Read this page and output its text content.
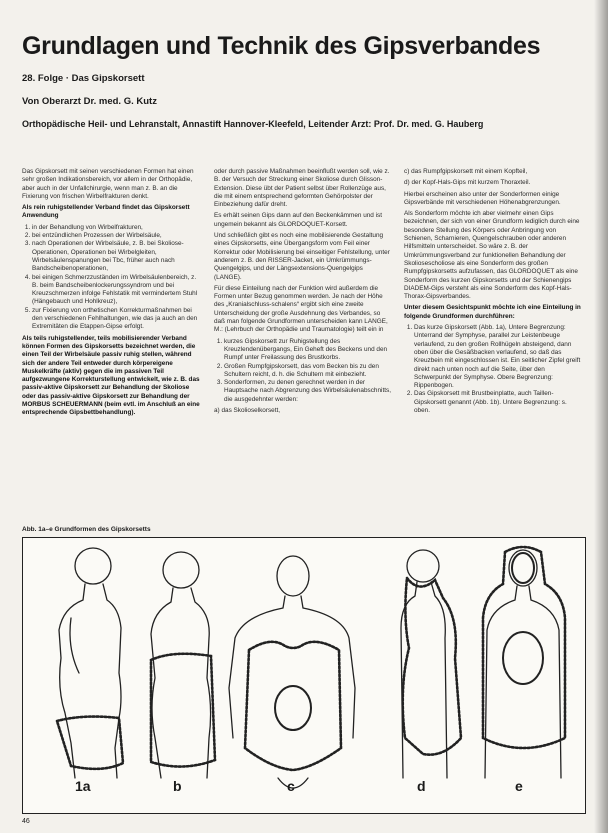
Grundlagen und Technik des Gipsverbandes

28. Folge · Das Gipskorsett

Von Oberarzt Dr. med. G. Kutz

Orthopädische Heil- und Lehranstalt, Annastift Hannover-Kleefeld, Leitender Arzt: Prof. Dr. med. G. Hauberg

Das Gipskorsett mit seinen verschiedenen Formen hat einen sehr großen Indikationsbereich, vor allem in der Orthopädie, aber auch in der Unfallchirurgie, wenn man z. B. an die Fixierung von frischen Wirbelfrakturen denkt.

Als rein ruhigstellender Verband findet das Gipskorsett Anwendung

1. in der Behandlung von Wirbelfrakturen,
2. bei entzündlichen Prozessen der Wirbelsäule,
3. nach Operationen der Wirbelsäule, z. B. bei Skoliose-Operationen, Operationen bei Wirbelgleiten, Wirbelsäulenspanungen bei Tbc, früher auch nach Bandscheibenoperationen,
4. bei einigen Schmerzzuständen im Wirbelsäulenbereich, z. B. beim Bandscheibenlockerungssyndrom und bei Kreuzschmerzen infolge Fehlstatik mit vermindertem Stuhl (Hängebauch und Hohlkreuz),
5. zur Fixierung von orthetischen Korrekturmaßnahmen bei den verschiedenen Fehlhaltungen, wie das ja auch an den Extremitäten die Etappen-Gipse erfolgt.

Als teils ruhigstellender, teils mobilisierender Verband können Formen des Gipskorsetts bezeichnet werden, die einen Teil der Wirbelsäule passiv ruhig stellen, während sich der andere Teil entweder durch körpereigene Muskelkräfte (aktiv) gegen die im passiven Teil aufgezwungene Korrekturstellung entwickelt, wie z. B. das passiv-aktive Gipskorsett zur Behandlung der Skoliose oder das passiv-aktive Gipskorsett zur Behandlung der MORBUS SCHEUERMANN (beim evtl. im Anschluß an eine entsprechende Gipsbettbehandlung).

oder durch passive Maßnahmen beeinflußt werden soll, wie z. B. der Versuch der Streckung einer Skoliose durch Glisson-Extension. Diese übt der Patient selbst über Rollenzüge aus, die mit einem entsprechend geformten Gehörpolster der Einbeziehung dafür dreht.

Es erhält seinen Gips dann auf den Beckenkämmen und ist ungemein bekannt als GLORDOQUET-Korsett.

Und schließlich gibt es noch eine mobilisierende Gestaltung eines Gipskorsetts, eine Übergangsform vom Feil einer Korrektur oder Mobilisierung bei einseitiger Fehlstellung, unter anderem z. B. den RISSER-Jacket, ein Umkrümmungs-Quengelgips, und der Längsextensions-Quengelgips (LANGE).

Für diese Einteilung nach der Funktion wird außerdem die Formen unter Bezug genommen werden. Je nach der Höhe des „Kranialschluss-schalens“ ergibt sich eine zweite Unterscheidung der große Ausdehnung des Verbandes, so daß man folgende Grundformen unterscheiden kann LANGE, M.: (Lehrbuch der Orthopädie und Traumatologie) teilt ein in

1. kurzes Gipskorsett zur Ruhigstellung des Kreuzlendenübergangs, Ein Geheft des Beckens und den Rumpf unter Freilassung des Brustkorbs.
2. Großen Rumpfgipskorsett, das vom Becken bis zu den Schultern reicht, d. h. die Schultern mit einbezieht.
3. Sonderformen, zu denen gerechnet werden in der Hauptsache nach Abgrenzung des Wirbelsäulenabschnitts, die ausgedehnter werden:

a) das Skolioselkorsett,

c) das Rumpfgipskorsett mit einem Kopfteil,

d) der Kopf-Hals-Gips mit kurzem Thoraxteil.

Hierbei erscheinen also unter der Sonderformen einige Gipsverbände mit verschiedenen Höhenabgrenzungen.

Als Sonderform möchte ich aber vielmehr einen Gips bezeichnen, der sich von einer Grundform lediglich durch eine besondere Stellung des Körpers oder Anbringung von Schienen, Scharnieren, Quengelschrauben oder anderen Hilfsmitteln unterscheidet. So wäre z. B. der Umkrümmungsverband zur funktionellen Behandlung der Skoliosescholiose als eine Sonderform des großen Rumpfgipskorsetts aufzufassen, das GLORDOQUET als eine Sonderform des kurzen Gipskorsetts und der Schienengips DIADEM-Gips versteht als eine Sonderform des Kopf-Hals-Thorax-Gipsverbandes.

Unter diesem Gesichtspunkt möchte ich eine Einteilung in folgende Grundformen durchführen:

1. Das kurze Gipskorsett (Abb. 1a), Untere Begrenzung: Unterrand der Symphyse, parallel zur Leistenbeuge verlaufend, zu den großen Rollhügeln absteigend, dann oben über die Gesäßbacken verlaufend, so daß das Kreuzbein mit eingeschlossen ist. Ein seitlicher Zipfel greift direkt nach unten noch auf die Seite, über den Schwerpunkt der Symphyse. Obere Begrenzung: Rippenbogen.
2. Das Gipskorsett mit Brustbeinplatte, auch Taillen-Gipskorsett genannt (Abb. 1b). Untere Begrenzung: s. oben.

Abb. 1a–e Grundformen des Gipskorsetts

1a	b	c	d	e

46
